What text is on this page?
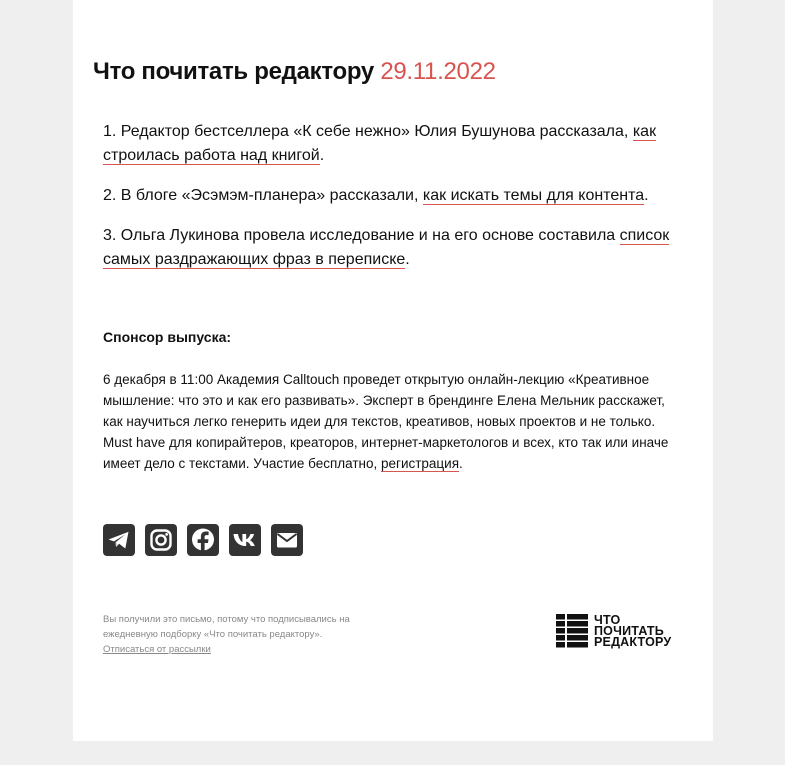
Что почитать редактору 29.11.2022

1. Редактор бестселлера «К себе нежно» Юлия Бушунова рассказала, как строилась работа над книгой.

2. В блоге «Эсэмэм-планера» рассказали, как искать темы для контента.

3. Ольга Лукинова провела исследование и на его основе составила список самых раздражающих фраз в переписке.

Спонсор выпуска:

6 декабря в 11:00 Академия Calltouch проведет открытую онлайн-лекцию «Креативное мышление: что это и как его развивать». Эксперт в брендинге Елена Мельник расскажет, как научиться легко генерить идеи для текстов, креативов, новых проектов и не только. Must have для копирайтеров, креаторов, интернет-маркетологов и всех, кто так или иначе имеет дело с текстами. Участие бесплатно, регистрация.

Вы получили это письмо, потому что подписывались на ежедневную подборку «Что почитать редактору».
Отписаться от рассылки

ЧТО
ПОЧИТАТЬ
РЕДАКТОРУ
